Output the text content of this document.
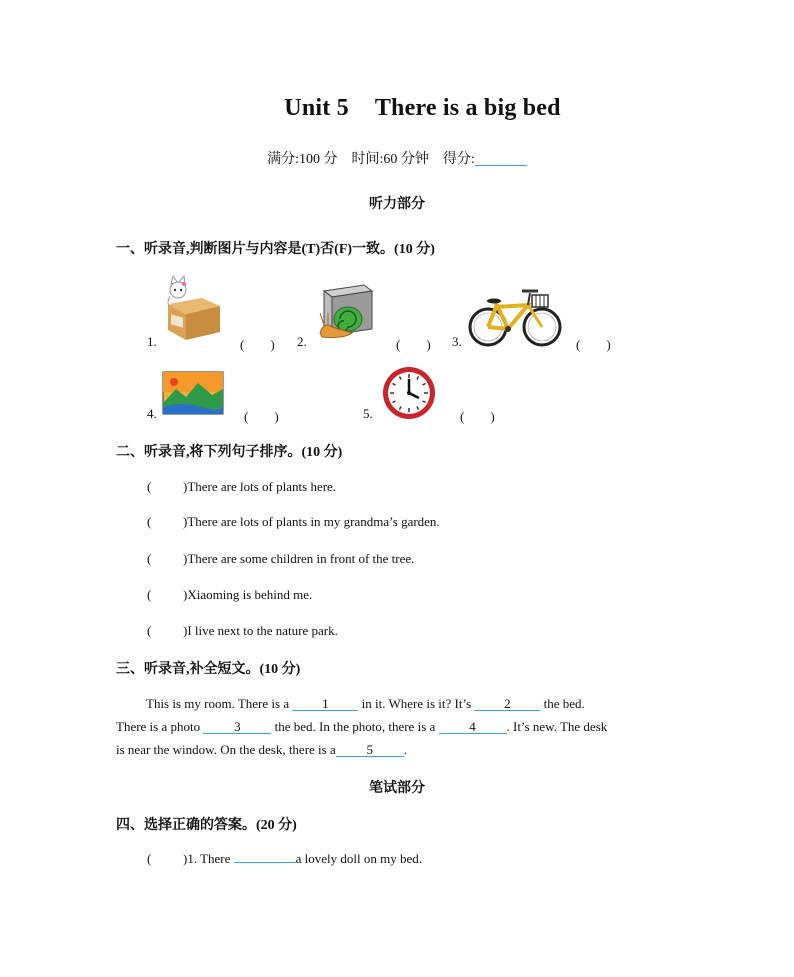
Unit 5 There is a big bed
满分:100 分　时间:60 分钟　得分:
听力部分
一、听录音,判断图片与内容是(T)否(F)一致。(10 分)
1.	(　　) 2.	(　　) 3.	(　　)
4.	(　　)	5.	(　　)
二、听录音,将下列句子排序。(10 分)
( )There are lots of plants here.
( )There are lots of plants in my grandma’s garden.
( )There are some children in front of the tree.
( )Xiaoming is behind me.
( )I live next to the nature park.
三、听录音,补全短文。(10 分)
This is my room. There is a	1	in it. Where is it? It’s	2	the bed.
There is a photo	3	the bed. In the photo, there is a	4 . It’s new. The desk
is near the window. On the desk, there is a 5 .
笔试部分
四、选择正确的答案。(20 分)
( )1. There	a lovely doll on my bed.
